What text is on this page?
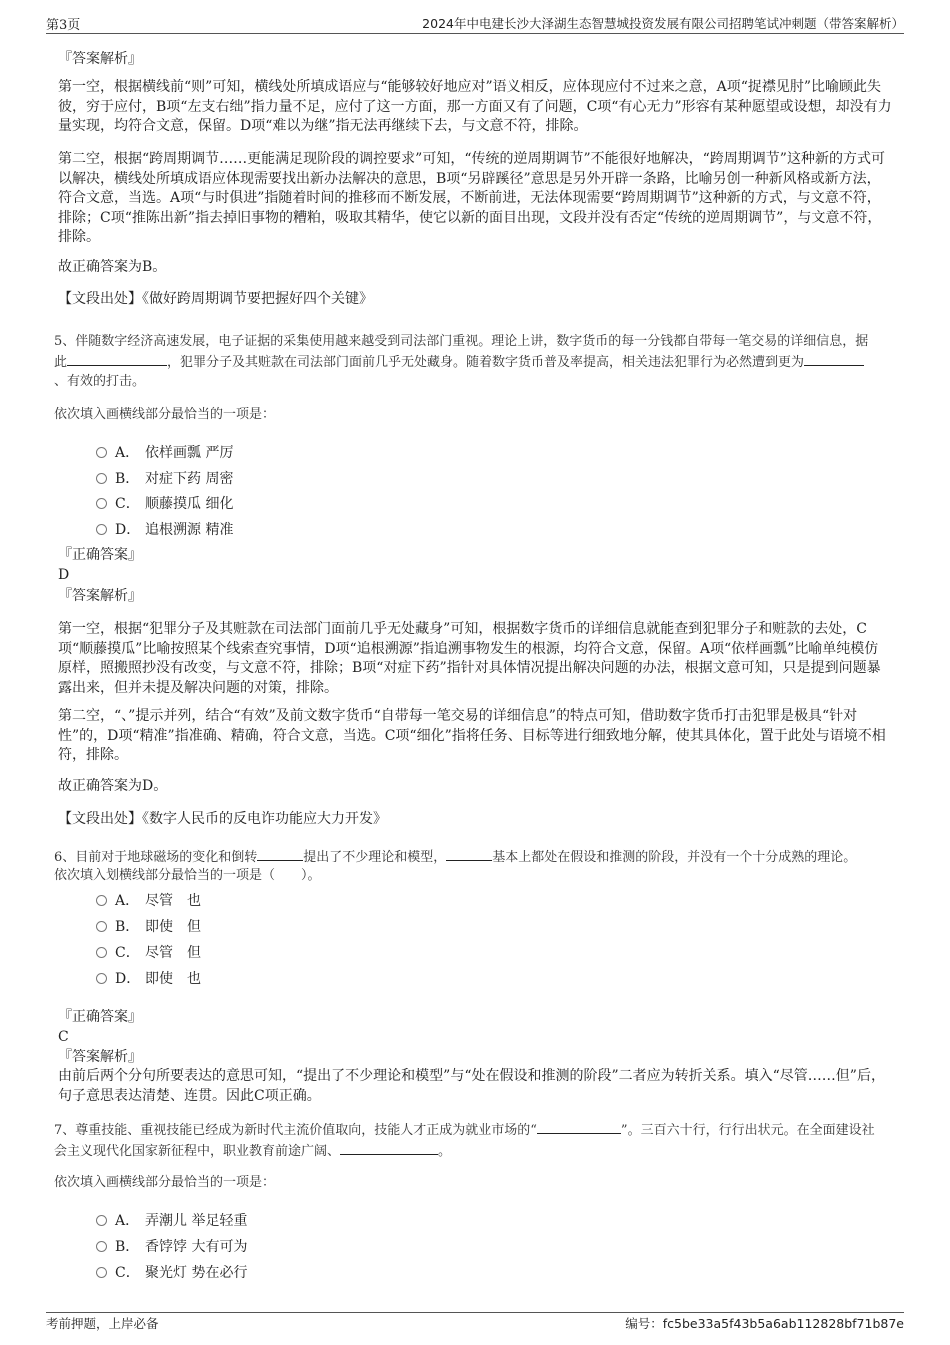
第3页	2024年中电建长沙大泽湖生态智慧城投资发展有限公司招聘笔试冲刺题（带答案解析）
『答案解析』
第一空，根据横线前“则”可知，横线处所填成语应与“能够较好地应对”语义相反，应体现应付不过来之意，A项“捉襟见肘”比喻顾此失彼，穷于应付，B项“左支右绌”指力量不足，应付了这一方面，那一方面又有了问题，C项“有心无力”形容有某种愿望或设想，却没有力量实现，均符合文意，保留。D项“难以为继”指无法再继续下去，与文意不符，排除。
第二空，根据“跨周期调节……更能满足现阶段的调控要求”可知，“传统的逆周期调节”不能很好地解决，“跨周期调节”这种新的方式可以解决，横线处所填成语应体现需要找出新办法解决的意思，B项“另辟蹊径”意思是另外开辟一条路，比喻另创一种新风格或新方法，符合文意，当选。A项“与时俱进”指随着时间的推移而不断发展，不断前进，无法体现需要“跨周期调节”这种新的方式，与文意不符，排除；C项“推陈出新”指去掉旧事物的糟粕，吸取其精华，使它以新的面目出现，文段并没有否定“传统的逆周期调节”，与文意不符，排除。
故正确答案为B。
【文段出处】《做好跨周期调节要把握好四个关键》
5、伴随数字经济高速发展，电子证据的采集使用越来越受到司法部门重视。理论上讲，数字货币的每一分钱都自带每一笔交易的详细信息，据
此	，犯罪分子及其赃款在司法部门面前几乎无处藏身。随着数字货币普及率提高，相关违法犯罪行为必然遭到更为
、有效的打击。
依次填入画横线部分最恰当的一项是：
A． 依样画瓢 严厉
B． 对症下药 周密
C． 顺藤摸瓜 细化
D． 追根溯源 精准
『正确答案』
D
『答案解析』
第一空，根据“犯罪分子及其赃款在司法部门面前几乎无处藏身”可知，根据数字货币的详细信息就能查到犯罪分子和赃款的去处，C项“顺藤摸瓜”比喻按照某个线索查究事情，D项“追根溯源”指追溯事物发生的根源，均符合文意，保留。A项“依样画瓢”比喻单纯模仿原样，照搬照抄没有改变，与文意不符，排除；B项“对症下药”指针对具体情况提出解决问题的办法，根据文意可知，只是提到问题暴露出来，但并未提及解决问题的对策，排除。
第二空，“、”提示并列，结合“有效”及前文数字货币“自带每一笔交易的详细信息”的特点可知，借助数字货币打击犯罪是极具“针对性”的，D项“精准”指准确、精确，符合文意，当选。C项“细化”指将任务、目标等进行细致地分解，使其具体化，置于此处与语境不相符，排除。
故正确答案为D。
【文段出处】《数字人民币的反电诈功能应大力开发》
6、目前对于地球磁场的变化和倒转	提出了不少理论和模型，	基本上都处在假设和推测的阶段，并没有一个十分成熟的理论。
依次填入划横线部分最恰当的一项是（　　）。
A． 尽管　也
B． 即使　但
C． 尽管　但
D． 即使　也
『正确答案』
C
『答案解析』
由前后两个分句所要表达的意思可知，“提出了不少理论和模型”与“处在假设和推测的阶段”二者应为转折关系。填入“尽管……但”后，句子意思表达清楚、连贯。因此C项正确。
7、尊重技能、重视技能已经成为新时代主流价值取向，技能人才正成为就业市场的“	”。三百六十行，行行出状元。在全面建设社
会主义现代化国家新征程中，职业教育前途广阔、	。
依次填入画横线部分最恰当的一项是：
A． 弄潮儿 举足轻重
B． 香饽饽 大有可为
C． 聚光灯 势在必行
考前押题，上岸必备	编号：fc5be33a5f43b5a6ab112828bf71b87e
